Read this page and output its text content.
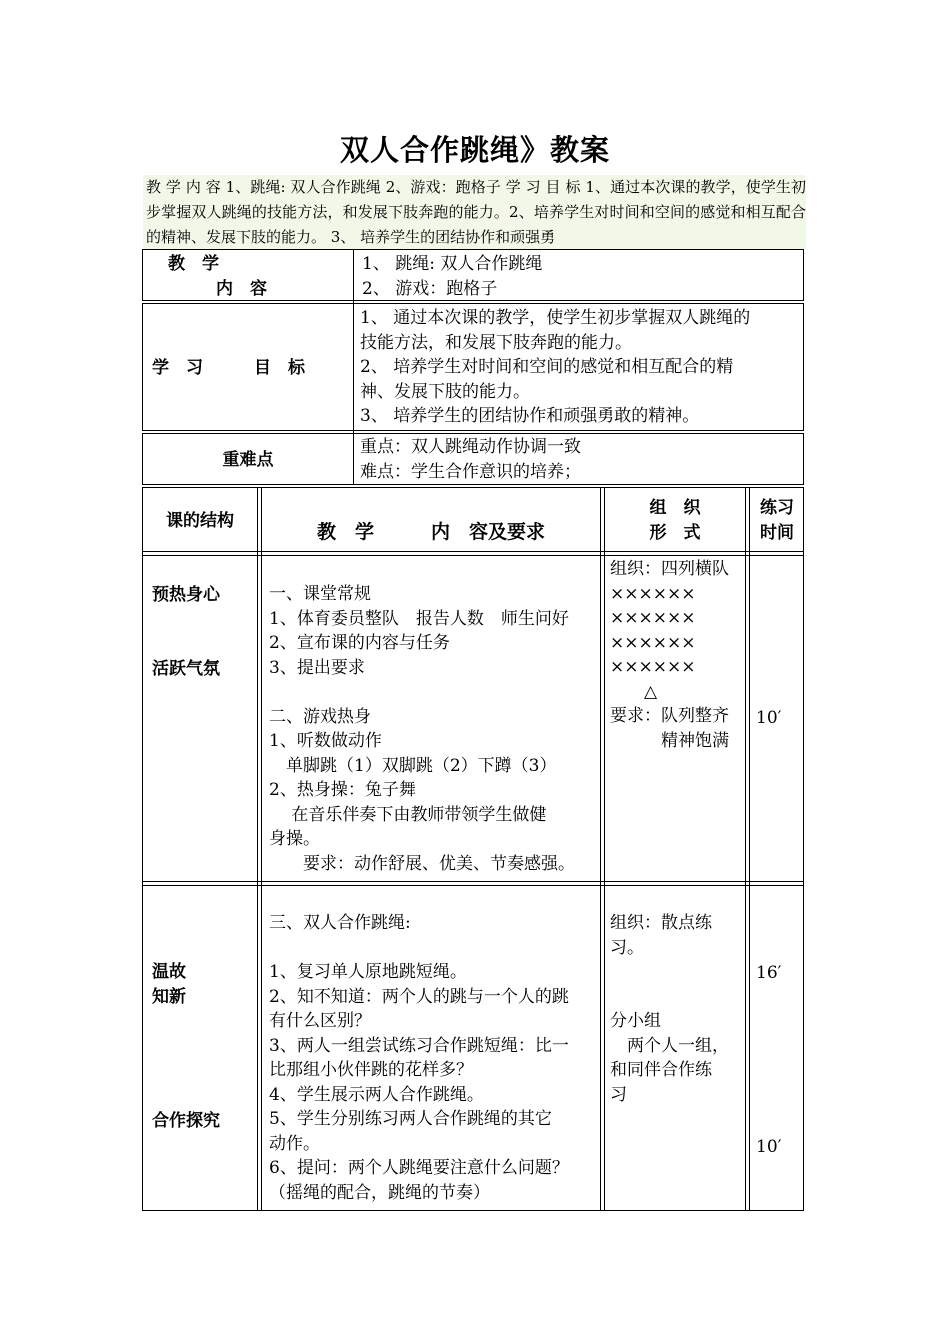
双人合作跳绳》教案
教 学 内 容 1、跳绳: 双人合作跳绳 2、游戏：跑格子 学 习 目 标 1、通过本次课的教学，使学生初步掌握双人跳绳的技能方法，和发展下肢奔跑的能力。2、培养学生对时间和空间的感觉和相互配合的精神、发展下肢的能力。 3、 培养学生的团结协作和顽强勇
教　学
内　容
1、 跳绳: 双人合作跳绳
2、 游戏：跑格子
学　习　　　目　标
1、 通过本次课的教学，使学生初步掌握双人跳绳的
技能方法，和发展下肢奔跑的能力。
2、 培养学生对时间和空间的感觉和相互配合的精
神、发展下肢的能力。
3、 培养学生的团结协作和顽强勇敢的精神。
重难点
重点：双人跳绳动作协调一致
难点：学生合作意识的培养；
课的结构	教　学　　　内　容及要求
组　织
形　式
练习
时间
预热身心
活跃气氛
一、课堂常规
1、体育委员整队　报告人数　师生问好
2、宣布课的内容与任务
3、提出要求
二、游戏热身
1、听数做动作
　单脚跳（1）双脚跳（2）下蹲（3）
2、热身操：兔子舞
　 在音乐伴奏下由教师带领学生做健
身操。
　　要求：动作舒展、优美、节奏感强。
组织：四列横队
××××××
××××××
××××××
××××××
　　△
要求：队列整齐
　　　精神饱满
10′
温故
知新
合作探究
三、双人合作跳绳:
1、复习单人原地跳短绳。
2、知不知道：两个人的跳与一个人的跳
有什么区别？
3、两人一组尝试练习合作跳短绳：比一
比那组小伙伴跳的花样多？
4、学生展示两人合作跳绳。
5、学生分别练习两人合作跳绳的其它
动作。
6、提问：两个人跳绳要注意什么问题？
（摇绳的配合，跳绳的节奏）
组织：散点练
习。
分小组
　两个人一组，
和同伴合作练
习
16′
10′
